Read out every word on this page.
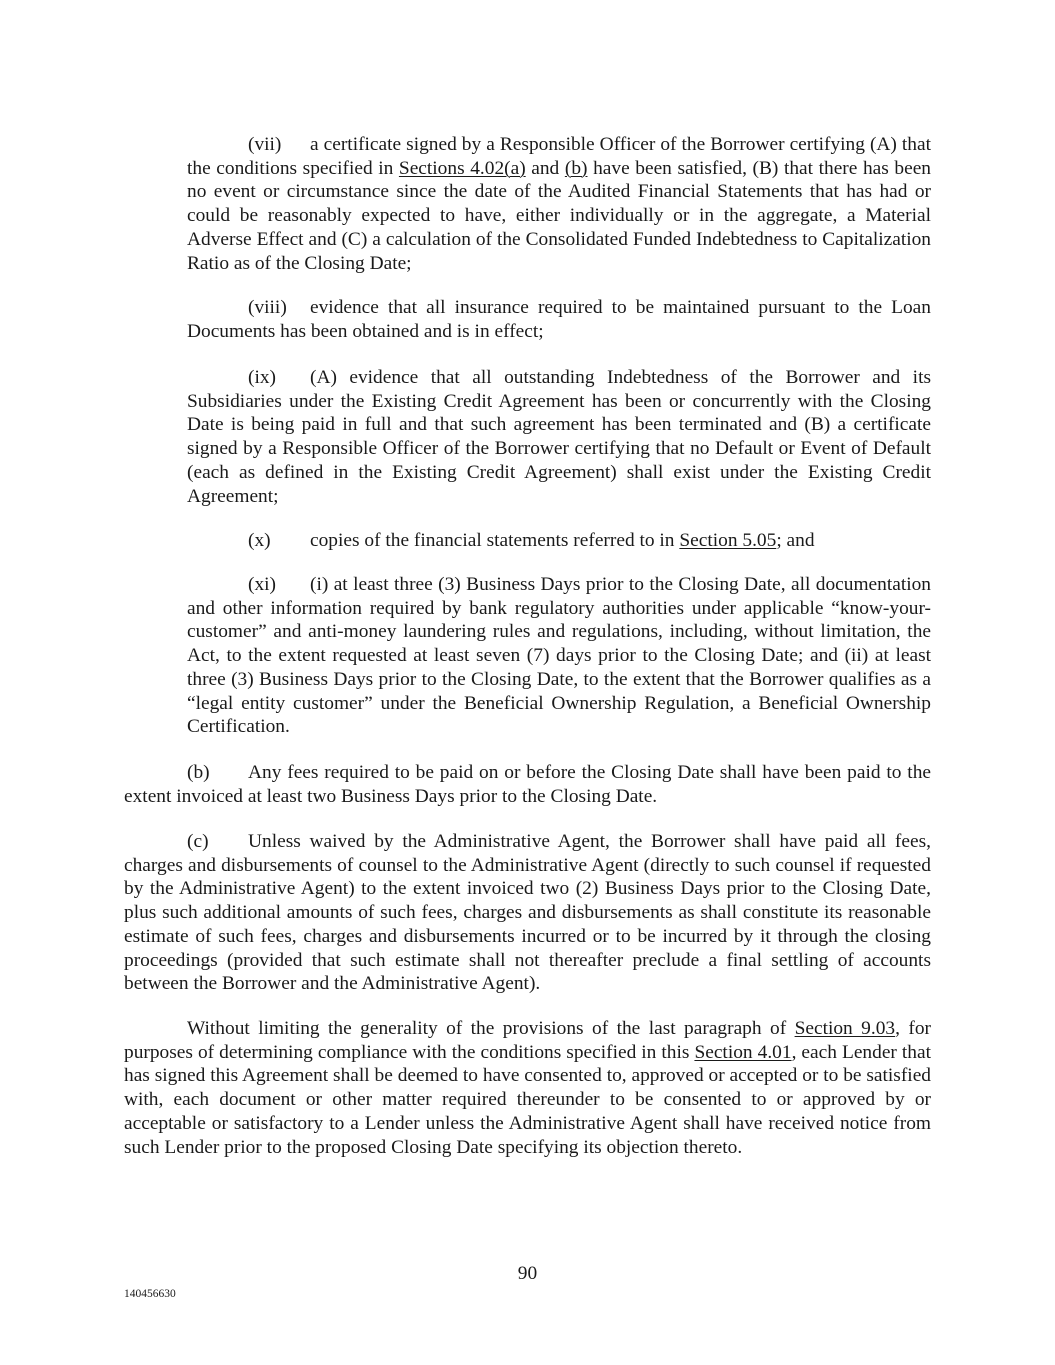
(vii) a certificate signed by a Responsible Officer of the Borrower certifying (A) that the conditions specified in Sections 4.02(a) and (b) have been satisfied, (B) that there has been no event or circumstance since the date of the Audited Financial Statements that has had or could be reasonably expected to have, either individually or in the aggregate, a Material Adverse Effect and (C) a calculation of the Consolidated Funded Indebtedness to Capitalization Ratio as of the Closing Date;

(viii) evidence that all insurance required to be maintained pursuant to the Loan Documents has been obtained and is in effect;

(ix) (A) evidence that all outstanding Indebtedness of the Borrower and its Subsidiaries under the Existing Credit Agreement has been or concurrently with the Closing Date is being paid in full and that such agreement has been terminated and (B) a certificate signed by a Responsible Officer of the Borrower certifying that no Default or Event of Default (each as defined in the Existing Credit Agreement) shall exist under the Existing Credit Agreement;

(x) copies of the financial statements referred to in Section 5.05; and

(xi) (i) at least three (3) Business Days prior to the Closing Date, all documentation and other information required by bank regulatory authorities under applicable “know-your-customer” and anti-money laundering rules and regulations, including, without limitation, the Act, to the extent requested at least seven (7) days prior to the Closing Date; and (ii) at least three (3) Business Days prior to the Closing Date, to the extent that the Borrower qualifies as a “legal entity customer” under the Beneficial Ownership Regulation, a Beneficial Ownership Certification.

(b) Any fees required to be paid on or before the Closing Date shall have been paid to the extent invoiced at least two Business Days prior to the Closing Date.

(c) Unless waived by the Administrative Agent, the Borrower shall have paid all fees, charges and disbursements of counsel to the Administrative Agent (directly to such counsel if requested by the Administrative Agent) to the extent invoiced two (2) Business Days prior to the Closing Date, plus such additional amounts of such fees, charges and disbursements as shall constitute its reasonable estimate of such fees, charges and disbursements incurred or to be incurred by it through the closing proceedings (provided that such estimate shall not thereafter preclude a final settling of accounts between the Borrower and the Administrative Agent).

Without limiting the generality of the provisions of the last paragraph of Section 9.03, for purposes of determining compliance with the conditions specified in this Section 4.01, each Lender that has signed this Agreement shall be deemed to have consented to, approved or accepted or to be satisfied with, each document or other matter required thereunder to be consented to or approved by or acceptable or satisfactory to a Lender unless the Administrative Agent shall have received notice from such Lender prior to the proposed Closing Date specifying its objection thereto.

90
140456630
